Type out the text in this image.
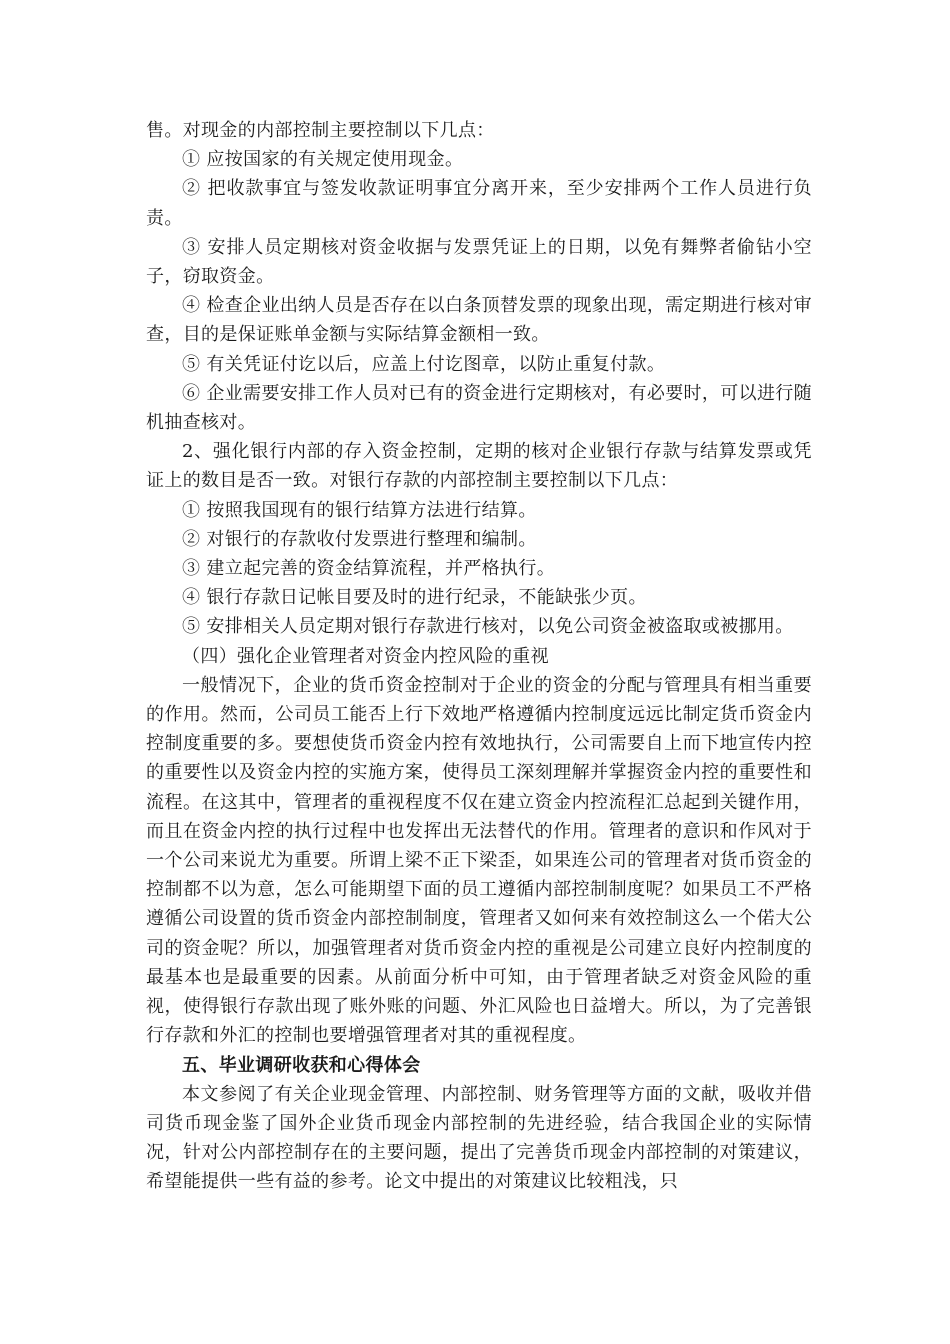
售。对现金的内部控制主要控制以下几点：

① 应按国家的有关规定使用现金。

② 把收款事宜与签发收款证明事宜分离开来，至少安排两个工作人员进行负责。

③ 安排人员定期核对资金收据与发票凭证上的日期，以免有舞弊者偷钻小空子，窃取资金。

④ 检查企业出纳人员是否存在以白条顶替发票的现象出现，需定期进行核对审查，目的是保证账单金额与实际结算金额相一致。

⑤ 有关凭证付讫以后，应盖上付讫图章，以防止重复付款。

⑥ 企业需要安排工作人员对已有的资金进行定期核对，有必要时，可以进行随机抽查核对。

2、强化银行内部的存入资金控制，定期的核对企业银行存款与结算发票或凭证上的数目是否一致。对银行存款的内部控制主要控制以下几点：

① 按照我国现有的银行结算方法进行结算。

② 对银行的存款收付发票进行整理和编制。

③ 建立起完善的资金结算流程，并严格执行。

④ 银行存款日记帐目要及时的进行纪录，不能缺张少页。

⑤ 安排相关人员定期对银行存款进行核对，以免公司资金被盗取或被挪用。

（四）强化企业管理者对资金内控风险的重视

一般情况下，企业的货币资金控制对于企业的资金的分配与管理具有相当重要的作用。然而，公司员工能否上行下效地严格遵循内控制度远远比制定货币资金内控制度重要的多。要想使货币资金内控有效地执行，公司需要自上而下地宣传内控的重要性以及资金内控的实施方案，使得员工深刻理解并掌握资金内控的重要性和流程。在这其中，管理者的重视程度不仅在建立资金内控流程汇总起到关键作用，而且在资金内控的执行过程中也发挥出无法替代的作用。管理者的意识和作风对于一个公司来说尤为重要。所谓上梁不正下梁歪，如果连公司的管理者对货币资金的控制都不以为意，怎么可能期望下面的员工遵循内部控制制度呢？如果员工不严格遵循公司设置的货币资金内部控制制度，管理者又如何来有效控制这么一个偌大公司的资金呢？所以，加强管理者对货币资金内控的重视是公司建立良好内控制度的最基本也是最重要的因素。从前面分析中可知，由于管理者缺乏对资金风险的重视，使得银行存款出现了账外账的问题、外汇风险也日益增大。所以，为了完善银行存款和外汇的控制也要增强管理者对其的重视程度。

五、毕业调研收获和心得体会

本文参阅了有关企业现金管理、内部控制、财务管理等方面的文献，吸收并借司货币现金鉴了国外企业货币现金内部控制的先进经验，结合我国企业的实际情况，针对公内部控制存在的主要问题，提出了完善货币现金内部控制的对策建议，希望能提供一些有益的参考。论文中提出的对策建议比较粗浅，只
